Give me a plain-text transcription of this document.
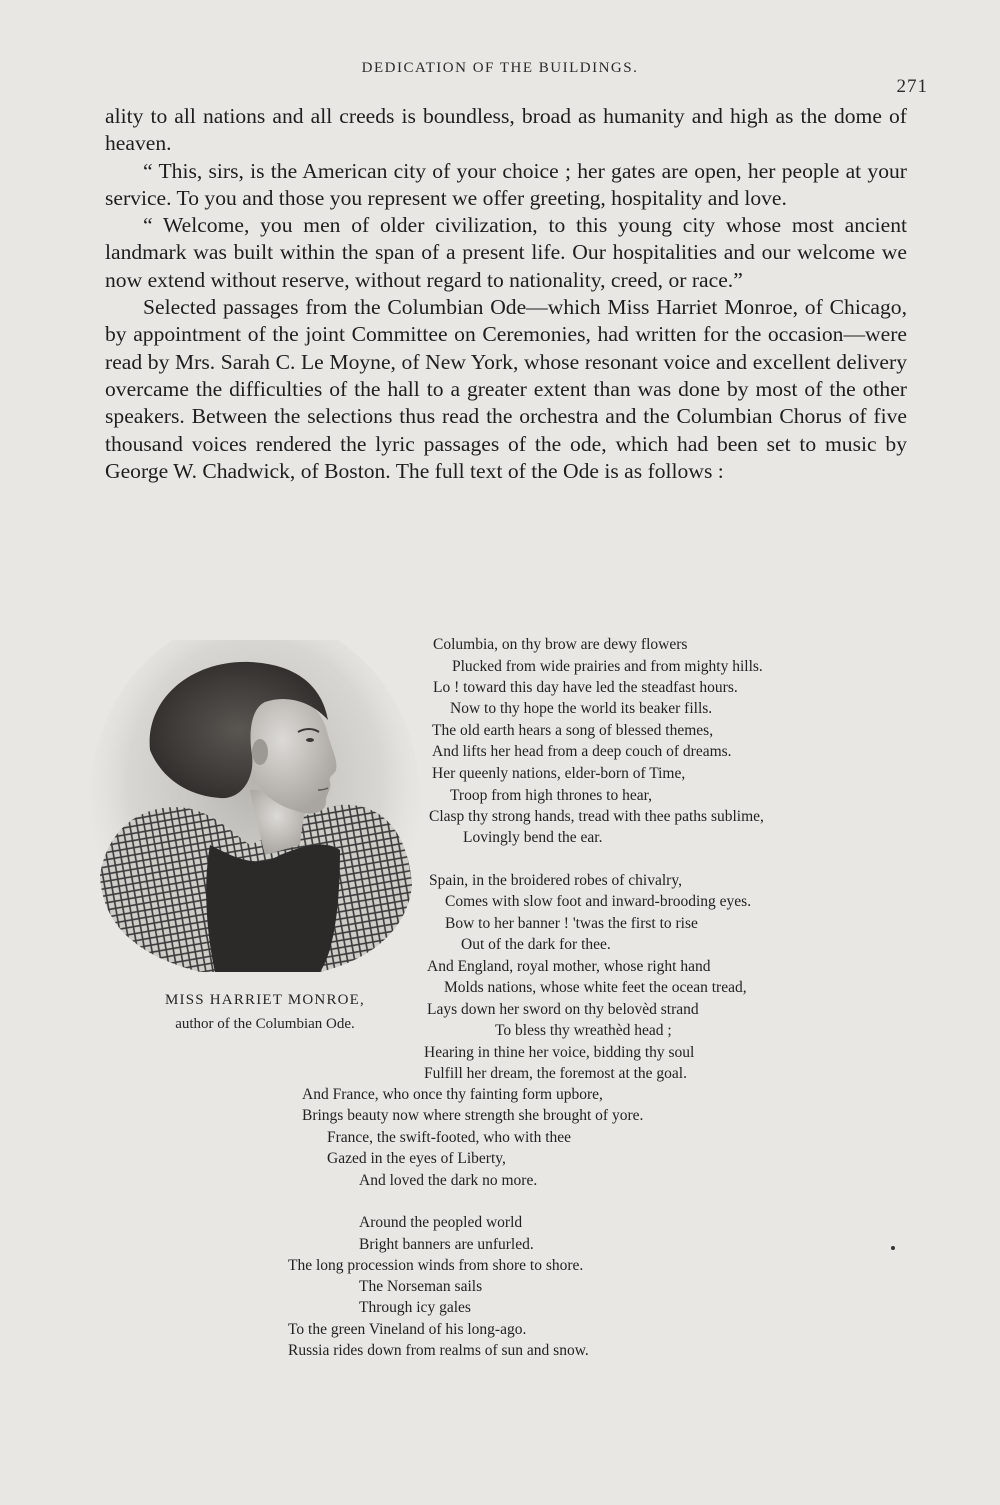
DEDICATION OF THE BUILDINGS.
271

ality to all nations and all creeds is boundless, broad as humanity and high as the dome of heaven.

“ This, sirs, is the American city of your choice ; her gates are open, her people at your service. To you and those you represent we offer greeting, hospitality and love.

“ Welcome, you men of older civilization, to this young city whose most ancient landmark was built within the span of a present life. Our hospitalities and our welcome we now extend without reserve, without regard to nationality, creed, or race.”

Selected passages from the Columbian Ode—which Miss Harriet Monroe, of Chicago, by appointment of the joint Committee on Ceremonies, had written for the occasion—were read by Mrs. Sarah C. Le Moyne, of New York, whose resonant voice and excellent delivery overcame the difficulties of the hall to a greater extent than was done by most of the other speakers. Between the selections thus read the orchestra and the Columbian Chorus of five thousand voices rendered the lyric passages of the ode, which had been set to music by George W. Chadwick, of Boston. The full text of the Ode is as follows :

MISS HARRIET MONROE,
author of the Columbian Ode.
Columbia, on thy brow are dewy flowers
Plucked from wide prairies and from mighty hills.
Lo ! toward this day have led the steadfast hours.
Now to thy hope the world its beaker fills.
The old earth hears a song of blessed themes,
And lifts her head from a deep couch of dreams.
Her queenly nations, elder-born of Time,
Troop from high thrones to hear,
Clasp thy strong hands, tread with thee paths sublime,
Lovingly bend the ear.
Spain, in the broidered robes of chivalry,
Comes with slow foot and inward-brooding eyes.
Bow to her banner ! 'twas the first to rise
Out of the dark for thee.
And England, royal mother, whose right hand
Molds nations, whose white feet the ocean tread,
Lays down her sword on thy belovèd strand
To bless thy wreathèd head ;
Hearing in thine her voice, bidding thy soul
Fulfill her dream, the foremost at the goal.
And France, who once thy fainting form upbore,
Brings beauty now where strength she brought of yore.
France, the swift-footed, who with thee
Gazed in the eyes of Liberty,
And loved the dark no more.
Around the peopled world
Bright banners are unfurled.
The long procession winds from shore to shore.
The Norseman sails
Through icy gales
To the green Vineland of his long-ago.
Russia rides down from realms of sun and snow.
